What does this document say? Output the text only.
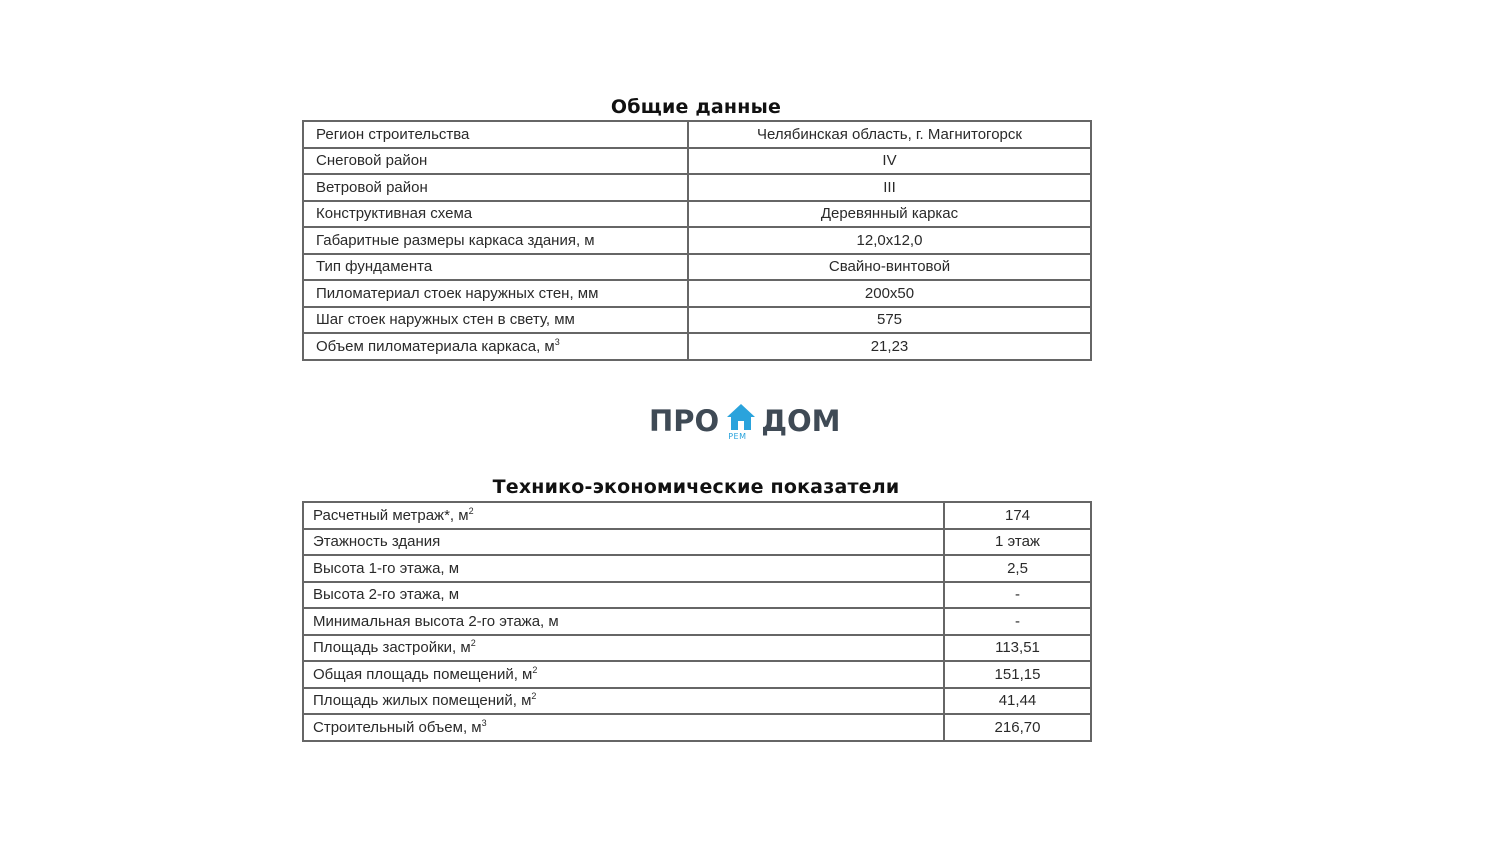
Общие данные
Регион строительства	Челябинская область, г. Магнитогорск
Снеговой район	IV
Ветровой район	III
Конструктивная схема	Деревянный каркас
Габаритные размеры каркаса здания, м	12,0x12,0
Тип фундамента	Свайно-винтовой
Пиломатериал стоек наружных стен, мм	200x50
Шаг стоек наружных стен в свету, мм	575
Объем пиломатериала каркаса, $м^3$	21,23
ПРО РЕМ ДОМ
Технико-экономические показатели
Расчетный метраж*, $м^2$	174
Этажность здания	1 этаж
Высота 1-го этажа, м	2,5
Высота 2-го этажа, м	-
Минимальная высота 2-го этажа, м	-
Площадь застройки, $м^2$	113,51
Общая площадь помещений, $м^2$	151,15
Площадь жилых помещений, $м^2$	41,44
Строительный объем, $м^3$	216,70
